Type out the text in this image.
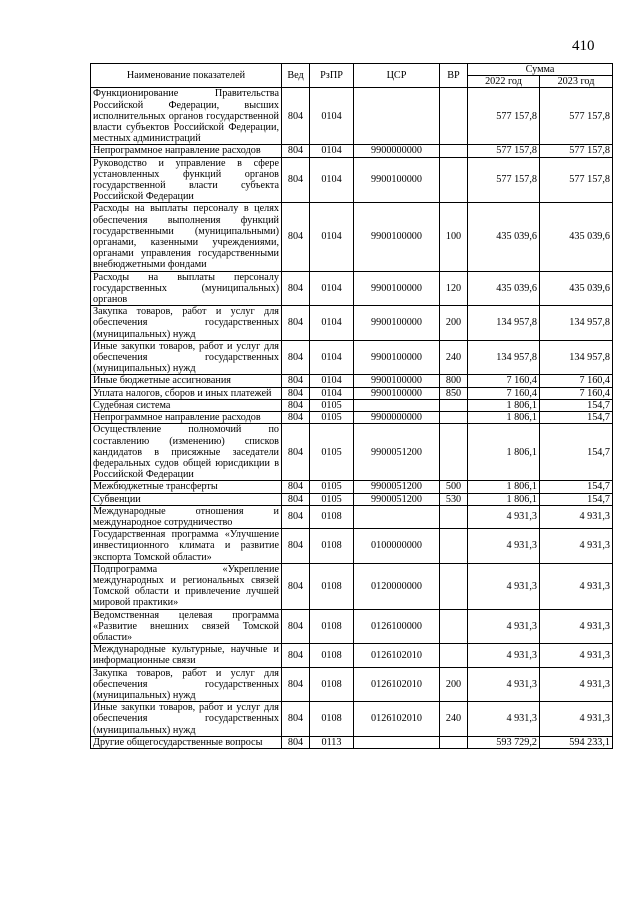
410
Наименование показателей	Вед	РзПР	ЦСР	ВР	Сумма	
					2022 год	2023 год
Функционирование Правительства Российской Федерации, высших исполнительных органов государственной власти субъектов Российской Федерации, местных администраций	804	0104			577 157,8	577 157,8
Непрограммное направление расходов	804	0104	9900000000		577 157,8	577 157,8
Руководство и управление в сфере установленных функций органов государственной власти субъекта Российской Федерации	804	0104	9900100000		577 157,8	577 157,8
Расходы на выплаты персоналу в целях обеспечения выполнения функций государственными (муниципальными) органами, казенными учреждениями, органами управления государственными внебюджетными фондами	804	0104	9900100000	100	435 039,6	435 039,6
Расходы на выплаты персоналу государственных (муниципальных) органов	804	0104	9900100000	120	435 039,6	435 039,6
Закупка товаров, работ и услуг для обеспечения государственных (муниципальных) нужд	804	0104	9900100000	200	134 957,8	134 957,8
Иные закупки товаров, работ и услуг для обеспечения государственных (муниципальных) нужд	804	0104	9900100000	240	134 957,8	134 957,8
Иные бюджетные ассигнования	804	0104	9900100000	800	7 160,4	7 160,4
Уплата налогов, сборов и иных платежей	804	0104	9900100000	850	7 160,4	7 160,4
Судебная система	804	0105			1 806,1	154,7
Непрограммное направление расходов	804	0105	9900000000		1 806,1	154,7
Осуществление полномочий по составлению (изменению) списков кандидатов в присяжные заседатели федеральных судов общей юрисдикции в Российской Федерации	804	0105	9900051200		1 806,1	154,7
Межбюджетные трансферты	804	0105	9900051200	500	1 806,1	154,7
Субвенции	804	0105	9900051200	530	1 806,1	154,7
Международные отношения и международное сотрудничество	804	0108			4 931,3	4 931,3
Государственная программа «Улучшение инвестиционного климата и развитие экспорта Томской области»	804	0108	0100000000		4 931,3	4 931,3
Подпрограмма «Укрепление международных и региональных связей Томской области и привлечение лучшей мировой практики»	804	0108	0120000000		4 931,3	4 931,3
Ведомственная целевая программа «Развитие внешних связей Томской области»	804	0108	0126100000		4 931,3	4 931,3
Международные культурные, научные и информационные связи	804	0108	0126102010		4 931,3	4 931,3
Закупка товаров, работ и услуг для обеспечения государственных (муниципальных) нужд	804	0108	0126102010	200	4 931,3	4 931,3
Иные закупки товаров, работ и услуг для обеспечения государственных (муниципальных) нужд	804	0108	0126102010	240	4 931,3	4 931,3
Другие общегосударственные вопросы	804	0113			593 729,2	594 233,1
